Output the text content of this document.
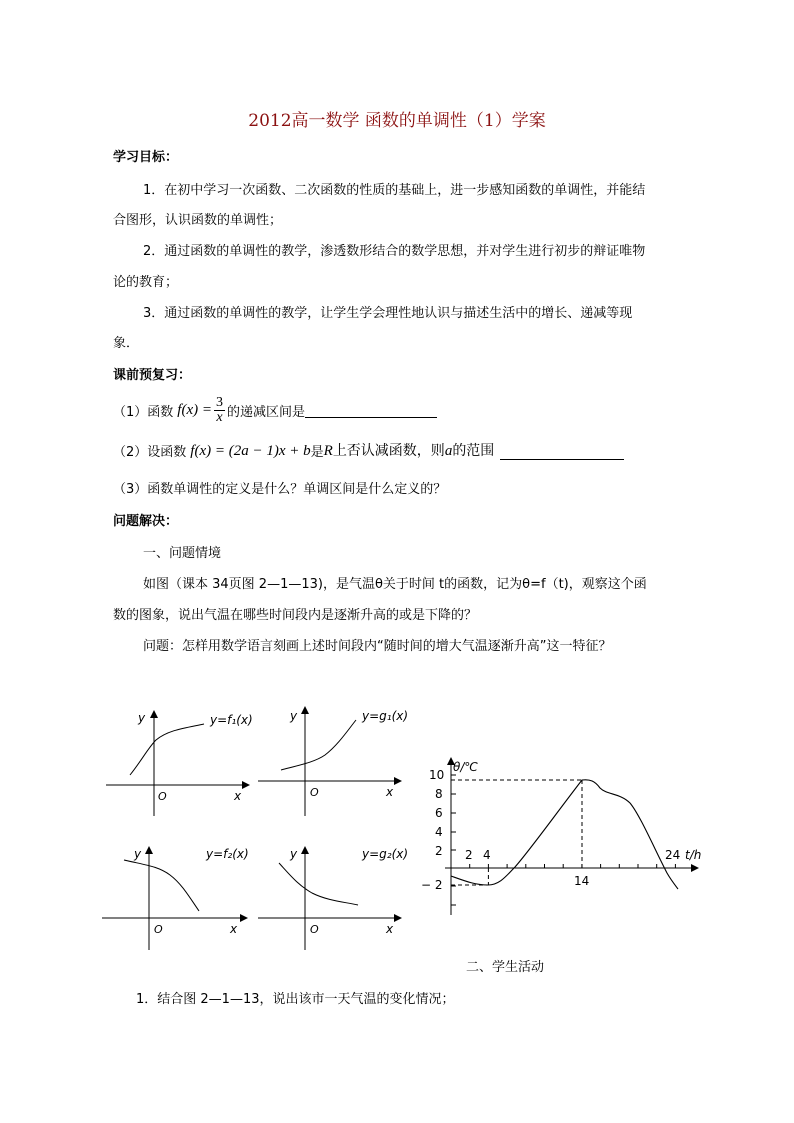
2012高一数学 函数的单调性（1）学案
学习目标：
1．在初中学习一次函数、二次函数的性质的基础上，进一步感知函数的单调性，并能结
合图形，认识函数的单调性；
2．通过函数的单调性的教学，渗透数形结合的数学思想，并对学生进行初步的辩证唯物
论的教育；
3．通过函数的单调性的教学，让学生学会理性地认识与描述生活中的增长、递减等现
象．
课前预复习：
（1）函数 $f(x) = \frac{3}{x}$ 的递减区间是
（2）设函数 f(x) = (2a − 1)x + b 是 R 上否认减函数，则 a 的范围
（3）函数单调性的定义是什么？单调区间是什么定义的？
问题解决：
一、问题情境
如图（课本 34页图 2—1—13)，是气温θ关于时间 t的函数，记为θ=f（t)，观察这个函
数的图象，说出气温在哪些时间段内是逐渐升高的或是下降的？
问题：怎样用数学语言刻画上述时间段内“随时间的增大气温逐渐升高”这一特征？
y
O	x
y=f₁(x)	y
O	x
y=g₁(x)
y
O	x
y=f₂(x)	y
O	x
y=g₂(x)
θ/℃
10
8
6
4
2
− 2
2 4
14
24 t/h
二、学生活动
1．结合图 2—1—13，说出该市一天气温的变化情况；
